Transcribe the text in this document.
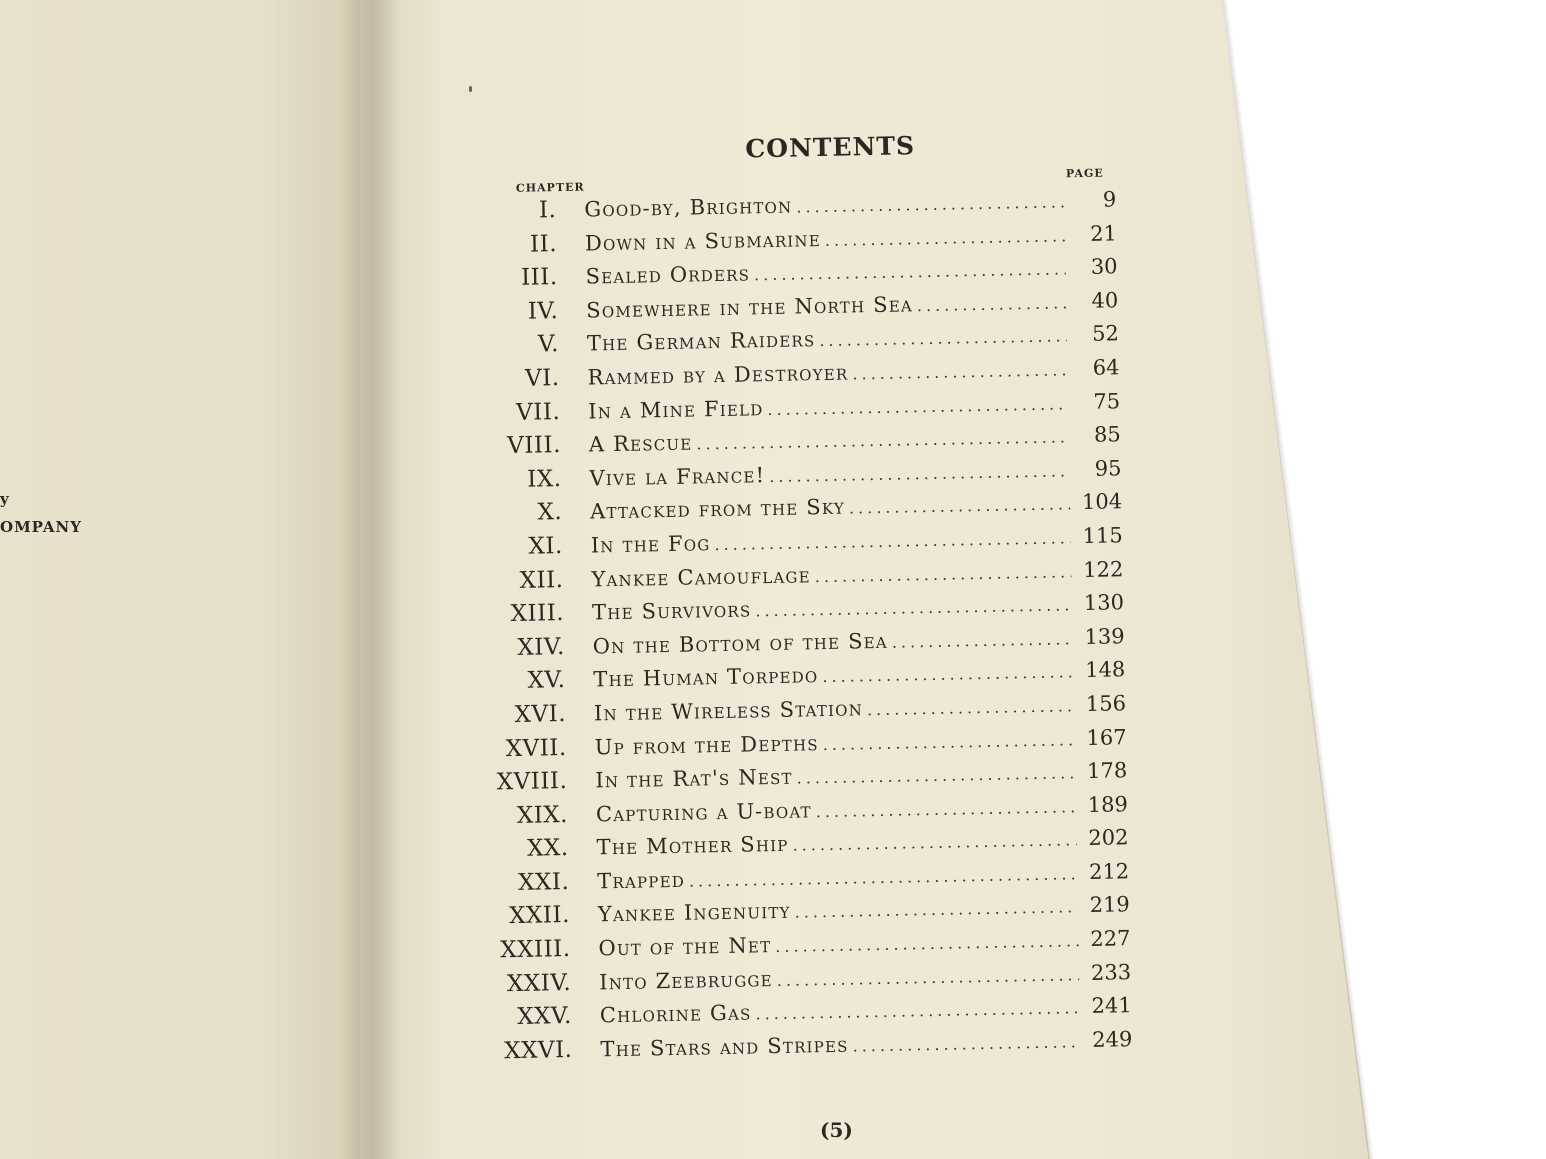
y
OMPANY
CONTENTS
CHAPTER
PAGE
I.	Good-by, Brighton .....	9
II.	Down in a Submarine .....	21
III.	Sealed Orders .....	30
IV.	Somewhere in the North Sea .....	40
V.	The German Raiders .....	52
VI.	Rammed by a Destroyer .....	64
VII.	In a Mine Field .....	75
VIII.	A Rescue .....	85
IX.	Vive la France! .....	95
X.	Attacked from the Sky .....	104
XI.	In the Fog .....	115
XII.	Yankee Camouflage .....	122
XIII.	The Survivors .....	130
XIV.	On the Bottom of the Sea .....	139
XV.	The Human Torpedo .....	148
XVI.	In the Wireless Station .....	156
XVII.	Up from the Depths .....	167
XVIII.	In the Rat's Nest .....	178
XIX.	Capturing a U-boat .....	189
XX.	The Mother Ship .....	202
XXI.	Trapped .....	212
XXII.	Yankee Ingenuity .....	219
XXIII.	Out of the Net .....	227
XXIV.	Into Zeebrugge .....	233
XXV.	Chlorine Gas .....	241
XXVI.	The Stars and Stripes .....	249
(5)
